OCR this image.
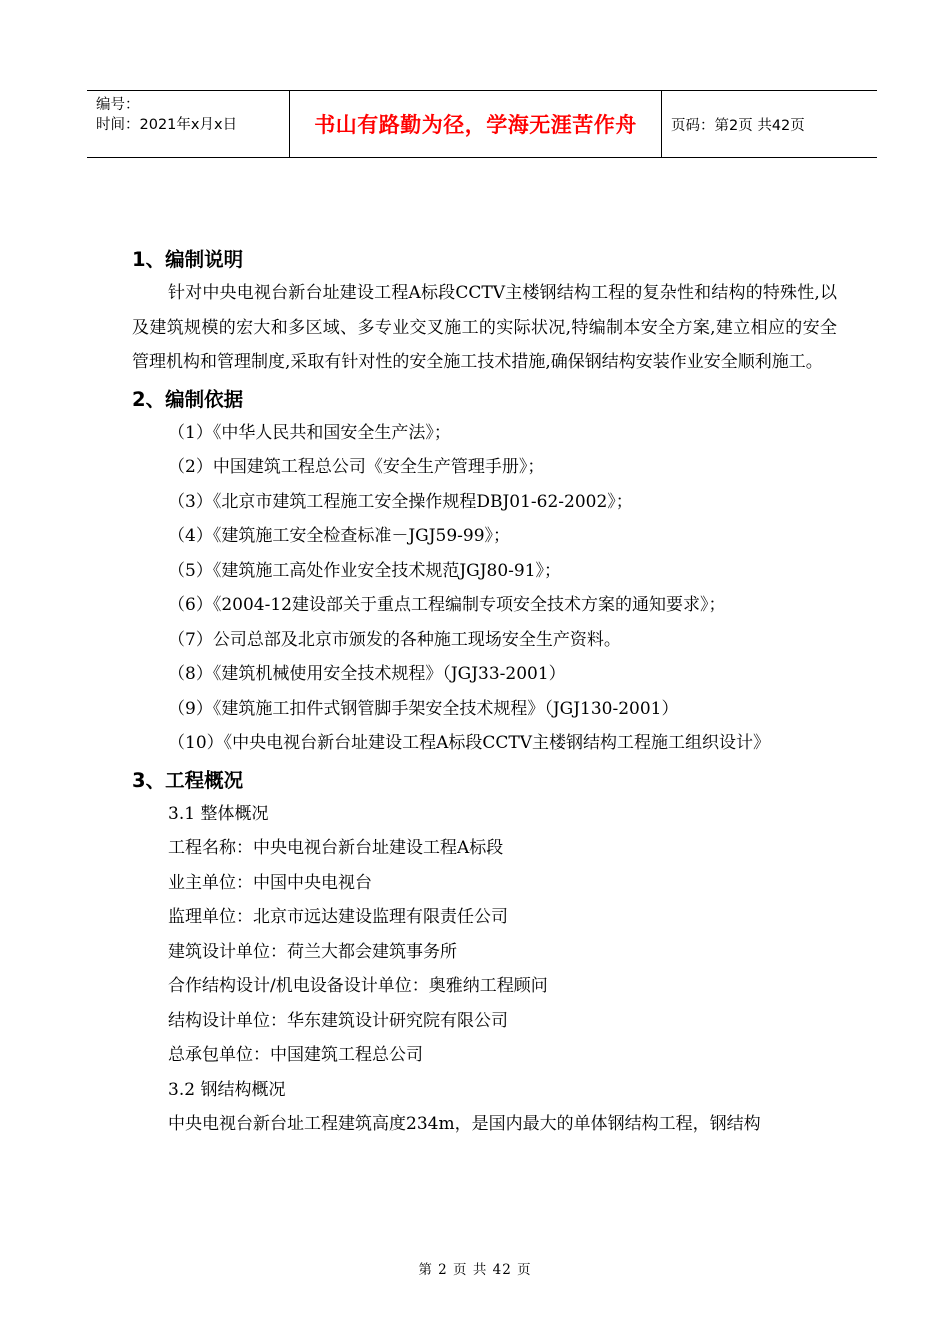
编号：
时间：2021年x月x日	书山有路勤为径，学海无涯苦作舟	页码：第2页 共42页
1、编制说明

针对中央电视台新台址建设工程A标段CCTV主楼钢结构工程的复杂性和结构的特殊性,以及建筑规模的宏大和多区域、多专业交叉施工的实际状况,特编制本安全方案,建立相应的安全管理机构和管理制度,采取有针对性的安全施工技术措施,确保钢结构安装作业安全顺利施工。

2、编制依据

（1）《中华人民共和国安全生产法》；

（2）中国建筑工程总公司《安全生产管理手册》；

（3）《北京市建筑工程施工安全操作规程DBJ01-62-2002》；

（4）《建筑施工安全检查标准－JGJ59-99》；

（5）《建筑施工高处作业安全技术规范JGJ80-91》；

（6）《2004-12建设部关于重点工程编制专项安全技术方案的通知要求》；

（7）公司总部及北京市颁发的各种施工现场安全生产资料。

（8）《建筑机械使用安全技术规程》（JGJ33-2001）

（9）《建筑施工扣件式钢管脚手架安全技术规程》（JGJ130-2001）

（10）《中央电视台新台址建设工程A标段CCTV主楼钢结构工程施工组织设计》

3、工程概况

3.1 整体概况

工程名称：中央电视台新台址建设工程A标段

业主单位：中国中央电视台

监理单位：北京市远达建设监理有限责任公司

建筑设计单位：荷兰大都会建筑事务所

合作结构设计/机电设备设计单位：奥雅纳工程顾问

结构设计单位：华东建筑设计研究院有限公司

总承包单位：中国建筑工程总公司

3.2 钢结构概况

中央电视台新台址工程建筑高度234m，是国内最大的单体钢结构工程，钢结构

第 2 页 共 42 页
